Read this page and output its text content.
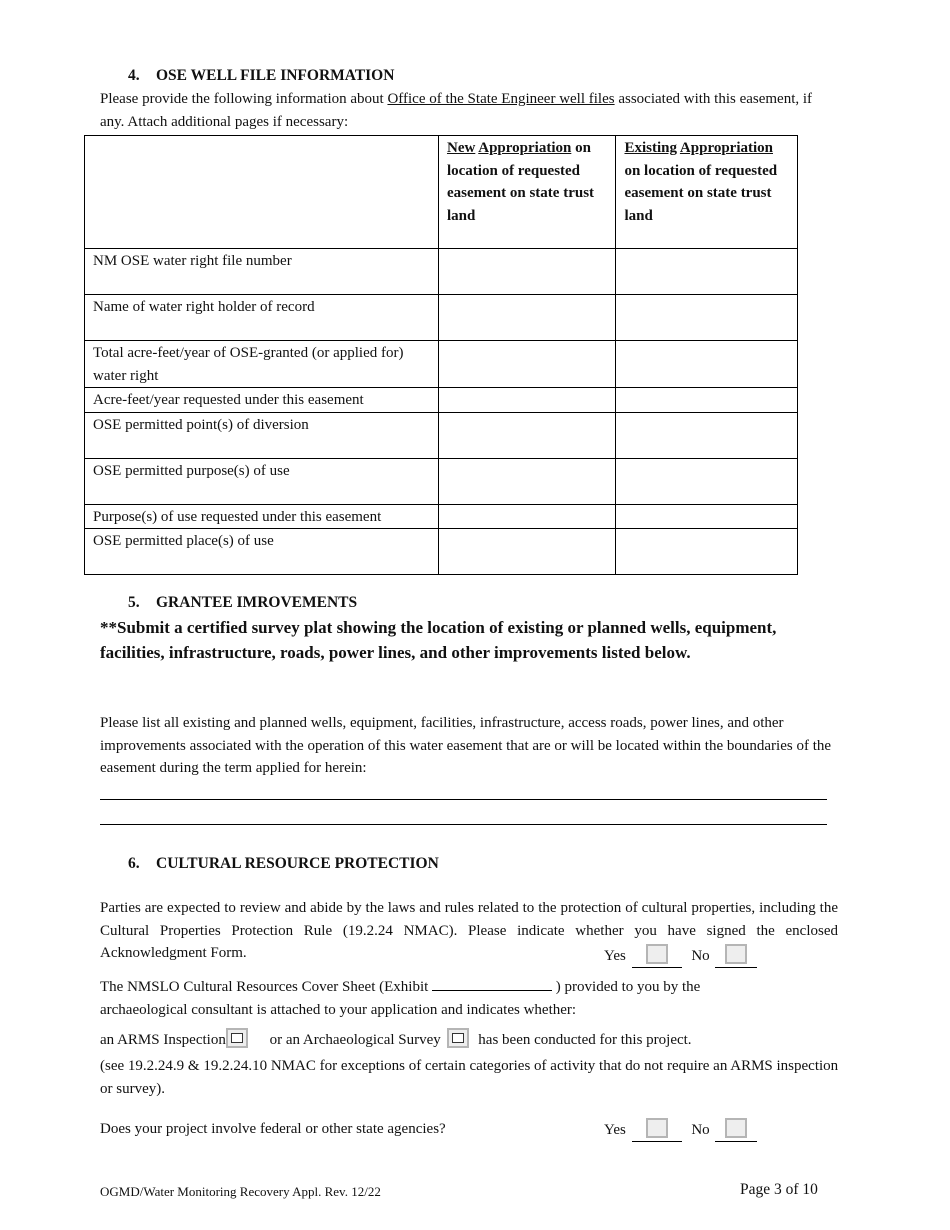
4. OSE WELL FILE INFORMATION

Please provide the following information about Office of the State Engineer well files associated with this easement, if any. Attach additional pages if necessary:

	New Appropriation on location of requested easement on state trust land	Existing Appropriation on location of requested easement on state trust land
NM OSE water right file number		
Name of water right holder of record		
Total acre-feet/year of OSE-granted (or applied for) water right		
Acre-feet/year requested under this easement		
OSE permitted point(s) of diversion		
OSE permitted purpose(s) of use		
Purpose(s) of use requested under this easement		
OSE permitted place(s) of use		
5. GRANTEE IMROVEMENTS

**Submit a certified survey plat showing the location of existing or planned wells, equipment, facilities, infrastructure, roads, power lines, and other improvements listed below.

Please list all existing and planned wells, equipment, facilities, infrastructure, access roads, power lines, and other improvements associated with the operation of this water easement that are or will be located within the boundaries of the easement during the term applied for herein:

6. CULTURAL RESOURCE PROTECTION

Parties are expected to review and abide by the laws and rules related to the protection of cultural properties, including the Cultural Properties Protection Rule (19.2.24 NMAC). Please indicate whether you have signed the enclosed Acknowledgment Form.	Yes	No

The NMSLO Cultural Resources Cover Sheet (Exhibit	) provided to you by the

archaeological consultant is attached to your application and indicates whether:

an ARMS Inspection	or an Archaeological Survey	has been conducted for this project.

(see 19.2.24.9 & 19.2.24.10 NMAC for exceptions of certain categories of activity that do not require an ARMS inspection or survey).

Does your project involve federal or other state agencies?	Yes	No
OGMD/Water Monitoring Recovery Appl. Rev. 12/22	Page 3 of 10
